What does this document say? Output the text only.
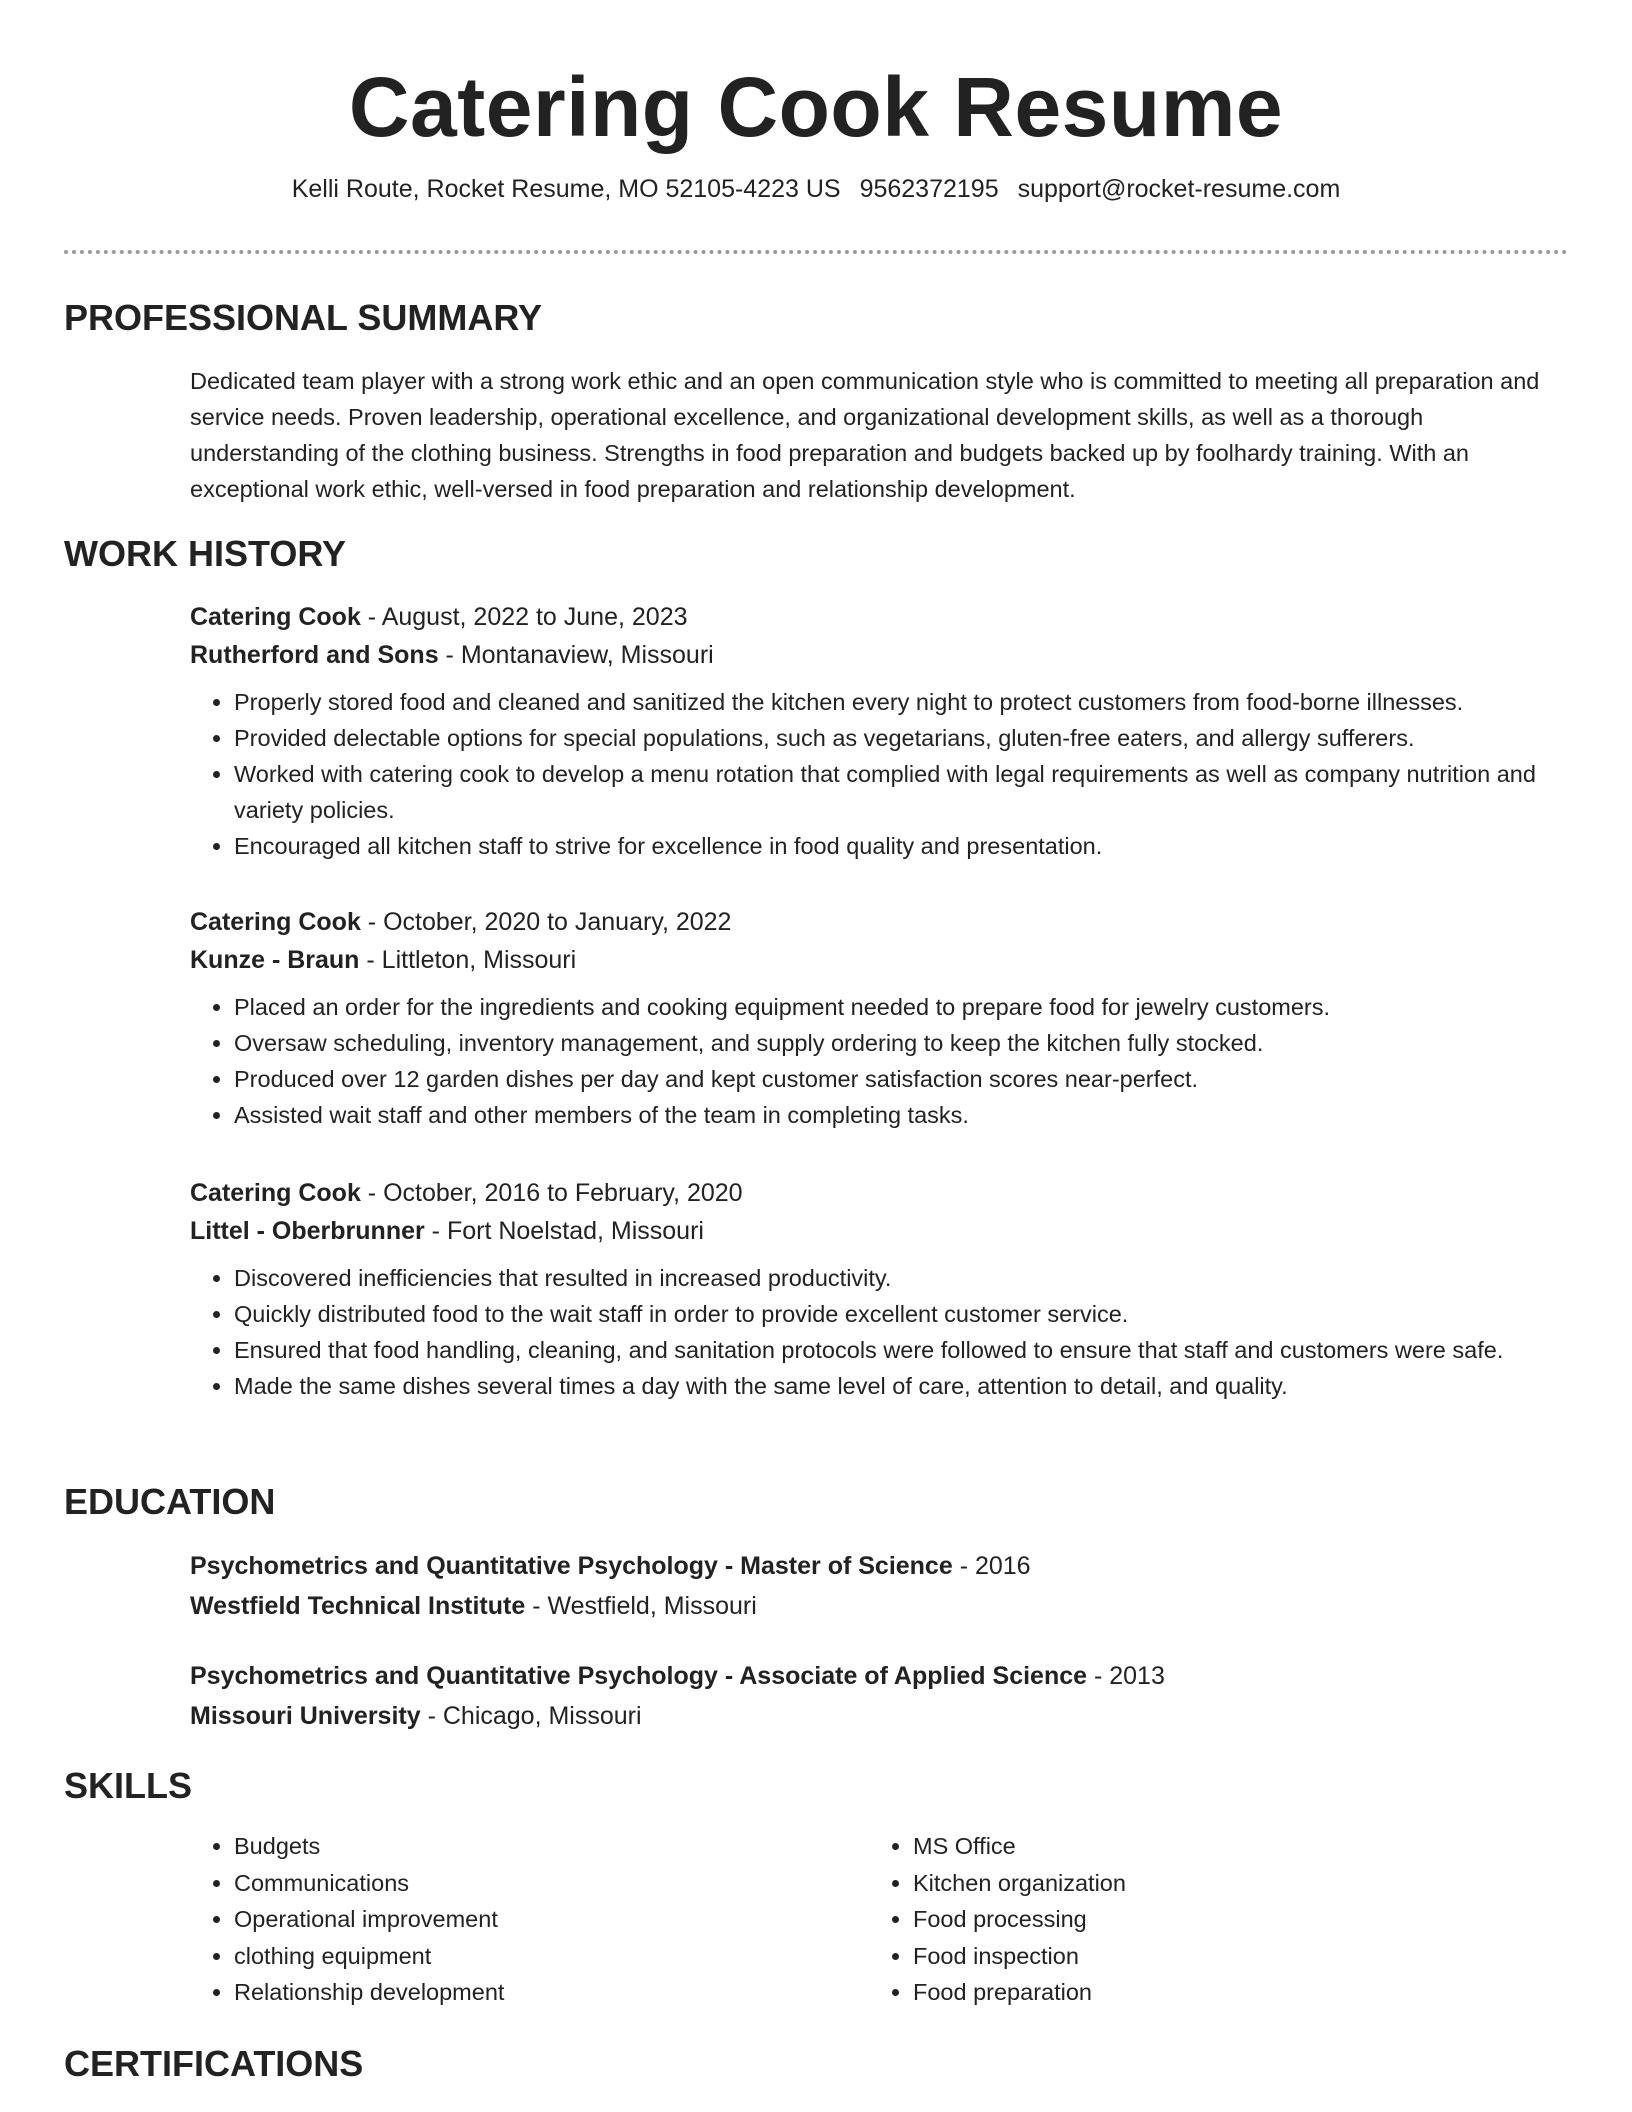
Catering Cook Resume
Kelli Route, Rocket Resume, MO 52105-4223 US 9562372195 support@rocket-resume.com
PROFESSIONAL SUMMARY
Dedicated team player with a strong work ethic and an open communication style who is committed to meeting all preparation and service needs. Proven leadership, operational excellence, and organizational development skills, as well as a thorough understanding of the clothing business. Strengths in food preparation and budgets backed up by foolhardy training. With an exceptional work ethic, well-versed in food preparation and relationship development.
WORK HISTORY
Catering Cook - August, 2022 to June, 2023
Rutherford and Sons - Montanaview, Missouri
• Properly stored food and cleaned and sanitized the kitchen every night to protect customers from food-borne illnesses.
• Provided delectable options for special populations, such as vegetarians, gluten-free eaters, and allergy sufferers.
• Worked with catering cook to develop a menu rotation that complied with legal requirements as well as company nutrition and variety policies.
• Encouraged all kitchen staff to strive for excellence in food quality and presentation.
Catering Cook - October, 2020 to January, 2022
Kunze - Braun - Littleton, Missouri
• Placed an order for the ingredients and cooking equipment needed to prepare food for jewelry customers.
• Oversaw scheduling, inventory management, and supply ordering to keep the kitchen fully stocked.
• Produced over 12 garden dishes per day and kept customer satisfaction scores near-perfect.
• Assisted wait staff and other members of the team in completing tasks.
Catering Cook - October, 2016 to February, 2020
Littel - Oberbrunner - Fort Noelstad, Missouri
• Discovered inefficiencies that resulted in increased productivity.
• Quickly distributed food to the wait staff in order to provide excellent customer service.
• Ensured that food handling, cleaning, and sanitation protocols were followed to ensure that staff and customers were safe.
• Made the same dishes several times a day with the same level of care, attention to detail, and quality.
EDUCATION
Psychometrics and Quantitative Psychology - Master of Science - 2016
Westfield Technical Institute - Westfield, Missouri
Psychometrics and Quantitative Psychology - Associate of Applied Science - 2013
Missouri University - Chicago, Missouri
SKILLS
• Budgets
• Communications
• Operational improvement
• clothing equipment
• Relationship development
• MS Office
• Kitchen organization
• Food processing
• Food inspection
• Food preparation
CERTIFICATIONS
